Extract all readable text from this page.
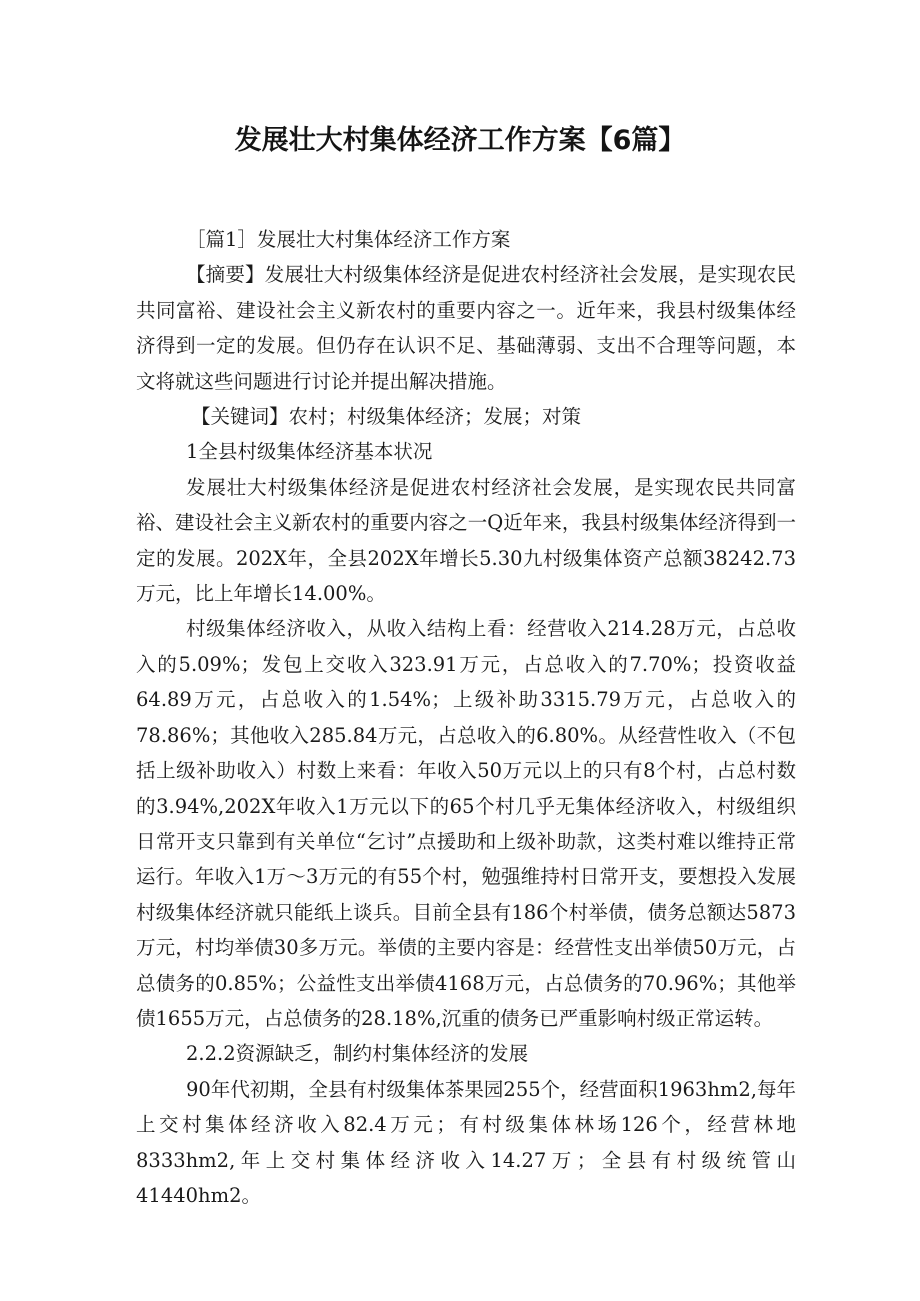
发展壮大村集体经济工作方案【6篇】

［篇1］发展壮大村集体经济工作方案

【摘要】发展壮大村级集体经济是促进农村经济社会发展，是实现农民共同富裕、建设社会主义新农村的重要内容之一。近年来，我县村级集体经济得到一定的发展。但仍存在认识不足、基础薄弱、支出不合理等问题，本文将就这些问题进行讨论并提出解决措施。

【关键词】农村；村级集体经济；发展；对策

1全县村级集体经济基本状况

发展壮大村级集体经济是促进农村经济社会发展，是实现农民共同富裕、建设社会主义新农村的重要内容之一Q近年来，我县村级集体经济得到一定的发展。202X年，全县202X年增长5.30九村级集体资产总额38242.73万元，比上年增长14.00%。

村级集体经济收入，从收入结构上看：经营收入214.28万元，占总收入的5.09%；发包上交收入323.91万元，占总收入的7.70%；投资收益64.89万元，占总收入的1.54%；上级补助3315.79万元，占总收入的78.86%；其他收入285.84万元，占总收入的6.80%。从经营性收入（不包括上级补助收入）村数上来看：年收入50万元以上的只有8个村，占总村数的3.94%,202X年收入1万元以下的65个村几乎无集体经济收入，村级组织日常开支只靠到有关单位“乞讨”点援助和上级补助款，这类村难以维持正常运行。年收入1万～3万元的有55个村，勉强维持村日常开支，要想投入发展村级集体经济就只能纸上谈兵。目前全县有186个村举债，债务总额达5873万元，村均举债30多万元。举债的主要内容是：经营性支出举债50万元，占总债务的0.85%；公益性支出举债4168万元，占总债务的70.96%；其他举债1655万元，占总债务的28.18%,沉重的债务已严重影响村级正常运转。

2.2.2资源缺乏，制约村集体经济的发展

90年代初期，全县有村级集体茶果园255个，经营面积1963hm2,每年上交村集体经济收入82.4万元；有村级集体林场126个，经营林地8333hm2,年上交村集体经济收入14.27万；全县有村级统管山41440hm2。
